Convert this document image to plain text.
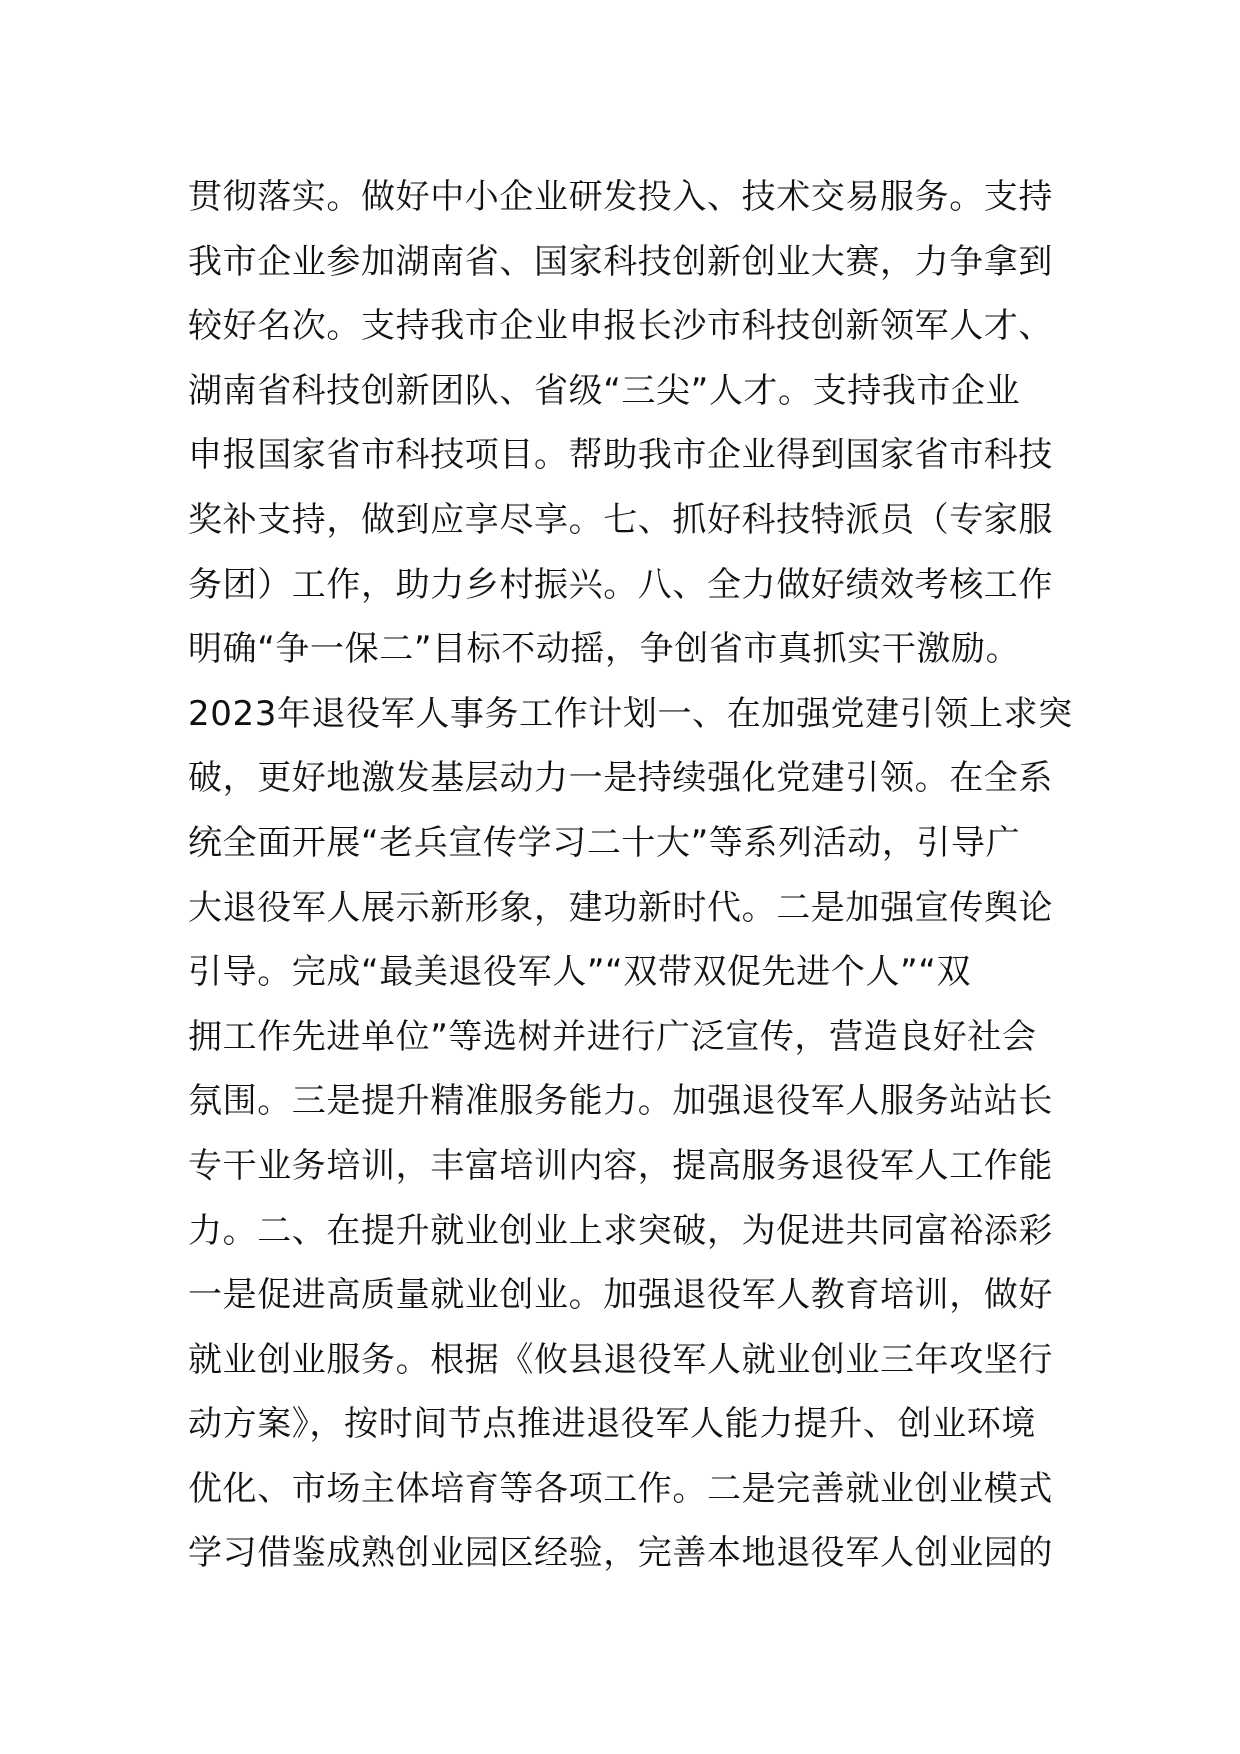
贯彻落实。做好中小企业研发投入、技术交易服务。支持
我市企业参加湖南省、国家科技创新创业大赛，力争拿到
较好名次。支持我市企业申报长沙市科技创新领军人才、
湖南省科技创新团队、省级“三尖”人才。支持我市企业
申报国家省市科技项目。帮助我市企业得到国家省市科技
奖补支持，做到应享尽享。七、抓好科技特派员（专家服
务团）工作，助力乡村振兴。八、全力做好绩效考核工作
明确“争一保二”目标不动摇，争创省市真抓实干激励。
2023年退役军人事务工作计划一、在加强党建引领上求突
破，更好地激发基层动力一是持续强化党建引领。在全系
统全面开展“老兵宣传学习二十大”等系列活动，引导广
大退役军人展示新形象，建功新时代。二是加强宣传舆论
引导。完成“最美退役军人”“双带双促先进个人”“双
拥工作先进单位”等选树并进行广泛宣传，营造良好社会
氛围。三是提升精准服务能力。加强退役军人服务站站长
专干业务培训，丰富培训内容，提高服务退役军人工作能
力。二、在提升就业创业上求突破，为促进共同富裕添彩
一是促进高质量就业创业。加强退役军人教育培训，做好
就业创业服务。根据《攸县退役军人就业创业三年攻坚行
动方案》，按时间节点推进退役军人能力提升、创业环境
优化、市场主体培育等各项工作。二是完善就业创业模式
学习借鉴成熟创业园区经验，完善本地退役军人创业园的
